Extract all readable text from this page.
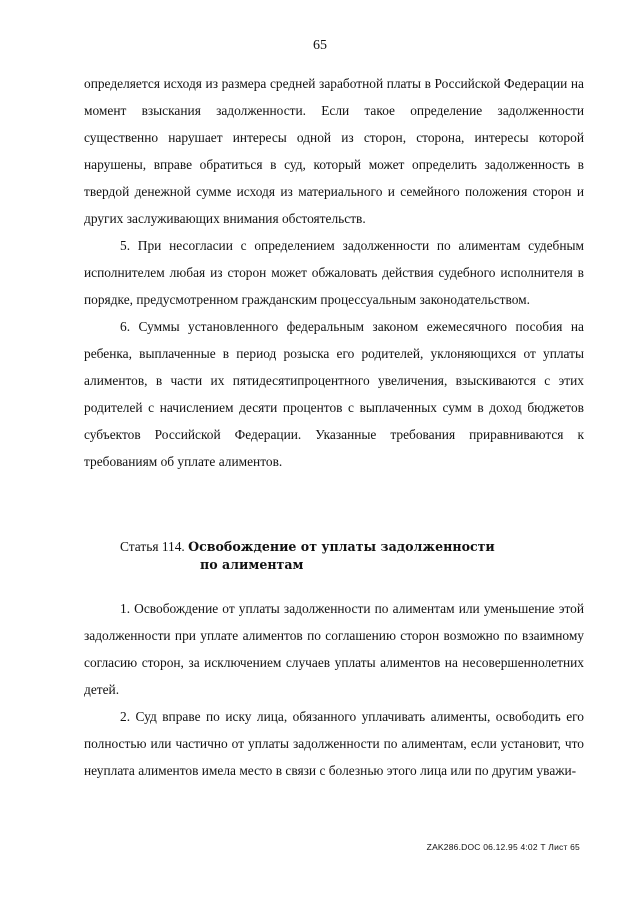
65

определяется исходя из размера средней заработной платы в Российской Федерации на момент взыскания задолженности. Если такое определение задолженности существенно нарушает интересы одной из сторон, сторона, интересы которой нарушены, вправе обратиться в суд, который может определить задолженность в твердой денежной сумме исходя из материального и семейного положения сторон и других заслуживающих внимания обстоятельств.

5. При несогласии с определением задолженности по алиментам судебным исполнителем любая из сторон может обжаловать действия судебного исполнителя в порядке, предусмотренном гражданским процессуальным законодательством.

6. Суммы установленного федеральным законом ежемесячного пособия на ребенка, выплаченные в период розыска его родителей, уклоняющихся от уплаты алиментов, в части их пятидесятипроцентного увеличения, взыскиваются с этих родителей с начислением десяти процентов с выплаченных сумм в доход бюджетов субъектов Российской Федерации. Указанные требования приравниваются к требованиям об уплате алиментов.

Статья 114. Освобождение от уплаты задолженности
по алиментам

1. Освобождение от уплаты задолженности по алиментам или уменьшение этой задолженности при уплате алиментов по соглашению сторон возможно по взаимному согласию сторон, за исключением случаев уплаты алиментов на несовершеннолетних детей.

2. Суд вправе по иску лица, обязанного уплачивать алименты, освободить его полностью или частично от уплаты задолженности по алиментам, если установит, что неуплата алиментов имела место в связи с болезнью этого лица или по другим уважи-

ZAK286.DOC 06.12.95 4:02 Т Лист 65
